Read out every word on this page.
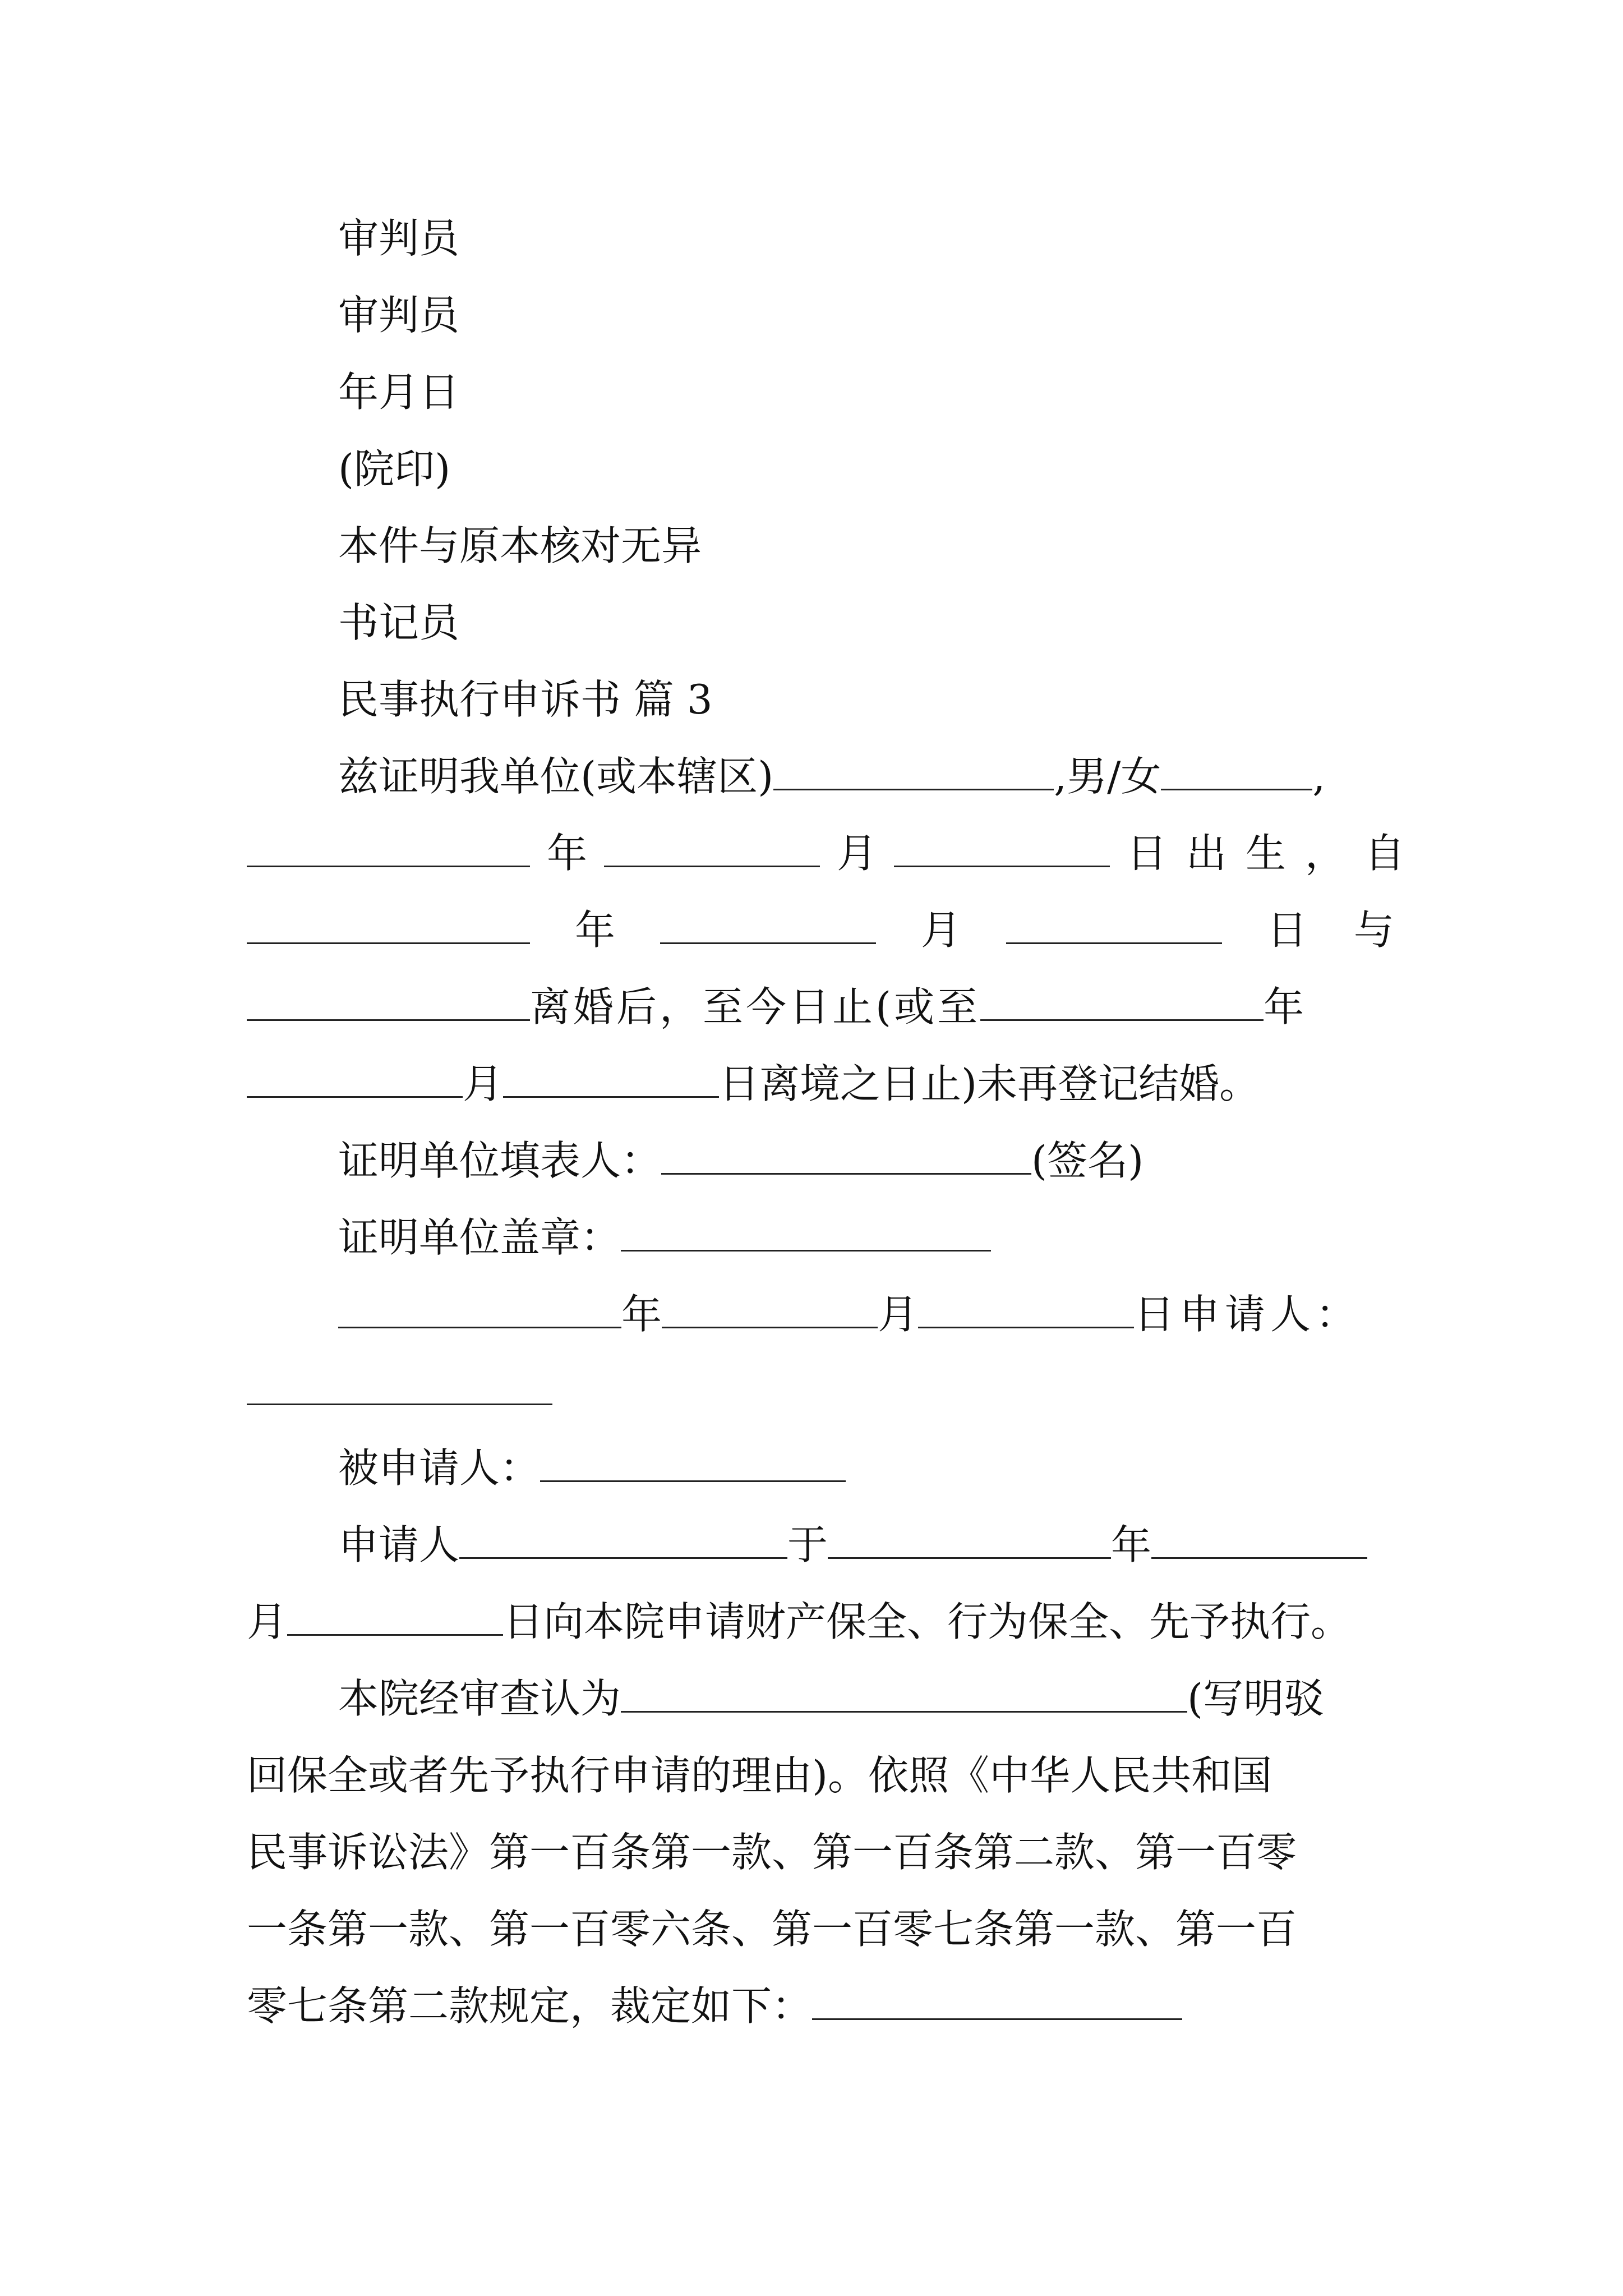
审判员
审判员
年月日
(院印)
本件与原本核对无异
书记员
民事执行申诉书 篇 3
兹证明我单位(或本辖区)	,男/女	,
年	月	日出生，自
年	月	日 与
离婚后，至今日止(或至	年
月	日离境之日止)未再登记结婚。
证明单位填表人：	(签名)
证明单位盖章：
年	月	日申请人：
被申请人：
申请人	于	年
月	日向本院申请财产保全、行为保全、先予执行。
本院经审查认为	(写明驳
回保全或者先予执行申请的理由)。依照《中华人民共和国
民事诉讼法》第一百条第一款、第一百条第二款、第一百零
一条第一款、第一百零六条、第一百零七条第一款、第一百
零七条第二款规定，裁定如下：
